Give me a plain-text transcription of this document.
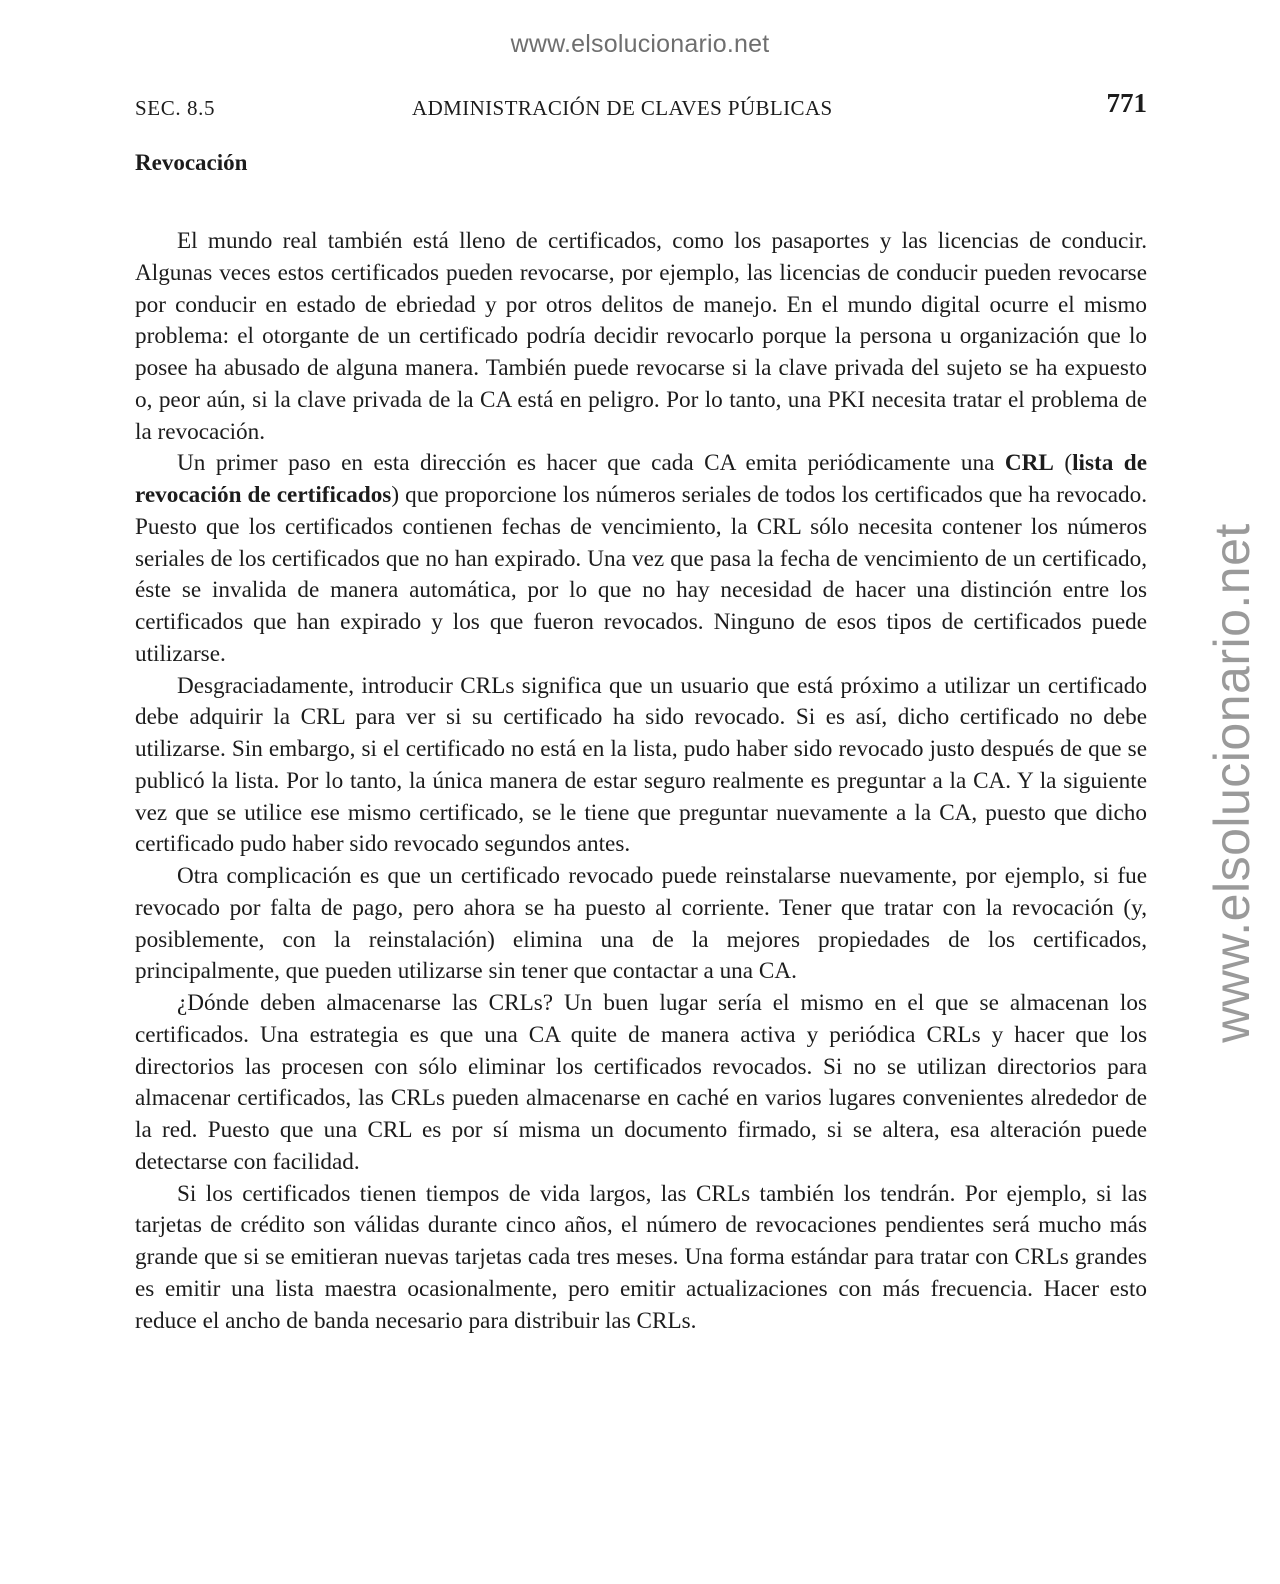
www.elsolucionario.net
www.elsolucionario.net
SEC. 8.5	ADMINISTRACIÓN DE CLAVES PÚBLICAS	771
Revocación

El mundo real también está lleno de certificados, como los pasaportes y las licencias de conducir. Algunas veces estos certificados pueden revocarse, por ejemplo, las licencias de conducir pueden revocarse por conducir en estado de ebriedad y por otros delitos de manejo. En el mundo digital ocurre el mismo problema: el otorgante de un certificado podría decidir revocarlo porque la persona u organización que lo posee ha abusado de alguna manera. También puede revocarse si la clave privada del sujeto se ha expuesto o, peor aún, si la clave privada de la CA está en peligro. Por lo tanto, una PKI necesita tratar el problema de la revocación.

Un primer paso en esta dirección es hacer que cada CA emita periódicamente una CRL (lista de revocación de certificados) que proporcione los números seriales de todos los certificados que ha revocado. Puesto que los certificados contienen fechas de vencimiento, la CRL sólo necesita contener los números seriales de los certificados que no han expirado. Una vez que pasa la fecha de vencimiento de un certificado, éste se invalida de manera automática, por lo que no hay necesidad de hacer una distinción entre los certificados que han expirado y los que fueron revocados. Ninguno de esos tipos de certificados puede utilizarse.

Desgraciadamente, introducir CRLs significa que un usuario que está próximo a utilizar un certificado debe adquirir la CRL para ver si su certificado ha sido revocado. Si es así, dicho certificado no debe utilizarse. Sin embargo, si el certificado no está en la lista, pudo haber sido revocado justo después de que se publicó la lista. Por lo tanto, la única manera de estar seguro realmente es preguntar a la CA. Y la siguiente vez que se utilice ese mismo certificado, se le tiene que preguntar nuevamente a la CA, puesto que dicho certificado pudo haber sido revocado segundos antes.

Otra complicación es que un certificado revocado puede reinstalarse nuevamente, por ejemplo, si fue revocado por falta de pago, pero ahora se ha puesto al corriente. Tener que tratar con la revocación (y, posiblemente, con la reinstalación) elimina una de la mejores propiedades de los certificados, principalmente, que pueden utilizarse sin tener que contactar a una CA.

¿Dónde deben almacenarse las CRLs? Un buen lugar sería el mismo en el que se almacenan los certificados. Una estrategia es que una CA quite de manera activa y periódica CRLs y hacer que los directorios las procesen con sólo eliminar los certificados revocados. Si no se utilizan directorios para almacenar certificados, las CRLs pueden almacenarse en caché en varios lugares convenientes alrededor de la red. Puesto que una CRL es por sí misma un documento firmado, si se altera, esa alteración puede detectarse con facilidad.

Si los certificados tienen tiempos de vida largos, las CRLs también los tendrán. Por ejemplo, si las tarjetas de crédito son válidas durante cinco años, el número de revocaciones pendientes será mucho más grande que si se emitieran nuevas tarjetas cada tres meses. Una forma estándar para tratar con CRLs grandes es emitir una lista maestra ocasionalmente, pero emitir actualizaciones con más frecuencia. Hacer esto reduce el ancho de banda necesario para distribuir las CRLs.
